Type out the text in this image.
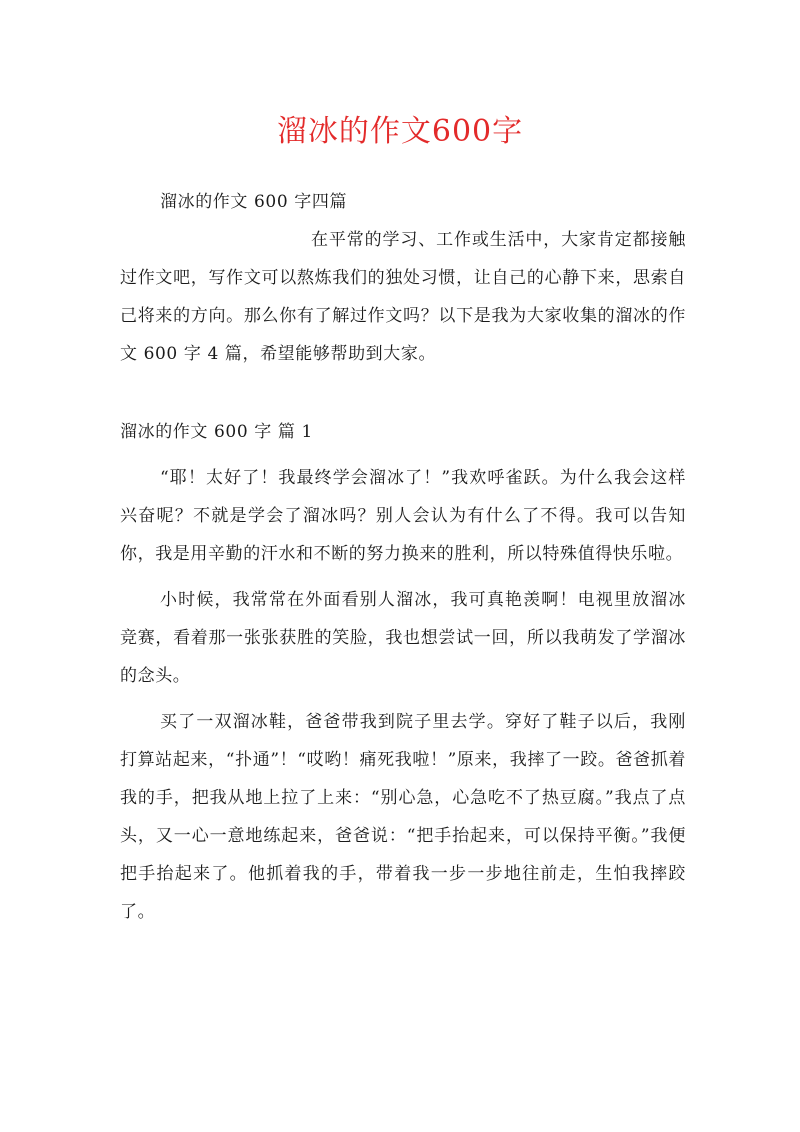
溜冰的作文600字

溜冰的作文 600 字四篇

在平常的学习、工作或生活中，大家肯定都接触过作文吧，写作文可以熬炼我们的独处习惯，让自己的心静下来，思索自己将来的方向。那么你有了解过作文吗？以下是我为大家收集的溜冰的作文 600 字 4 篇，希望能够帮助到大家。

溜冰的作文 600 字 篇 1

“耶！太好了！我最终学会溜冰了！”我欢呼雀跃。为什么我会这样兴奋呢？不就是学会了溜冰吗？别人会认为有什么了不得。我可以告知你，我是用辛勤的汗水和不断的努力换来的胜利，所以特殊值得快乐啦。

小时候，我常常在外面看别人溜冰，我可真艳羡啊！电视里放溜冰竞赛，看着那一张张获胜的笑脸，我也想尝试一回，所以我萌发了学溜冰的念头。

买了一双溜冰鞋，爸爸带我到院子里去学。穿好了鞋子以后，我刚打算站起来，“扑通”！“哎哟！痛死我啦！”原来，我摔了一跤。爸爸抓着我的手，把我从地上拉了上来：“别心急，心急吃不了热豆腐。”我点了点头，又一心一意地练起来，爸爸说：“把手抬起来，可以保持平衡。”我便把手抬起来了。他抓着我的手，带着我一步一步地往前走，生怕我摔跤了。
